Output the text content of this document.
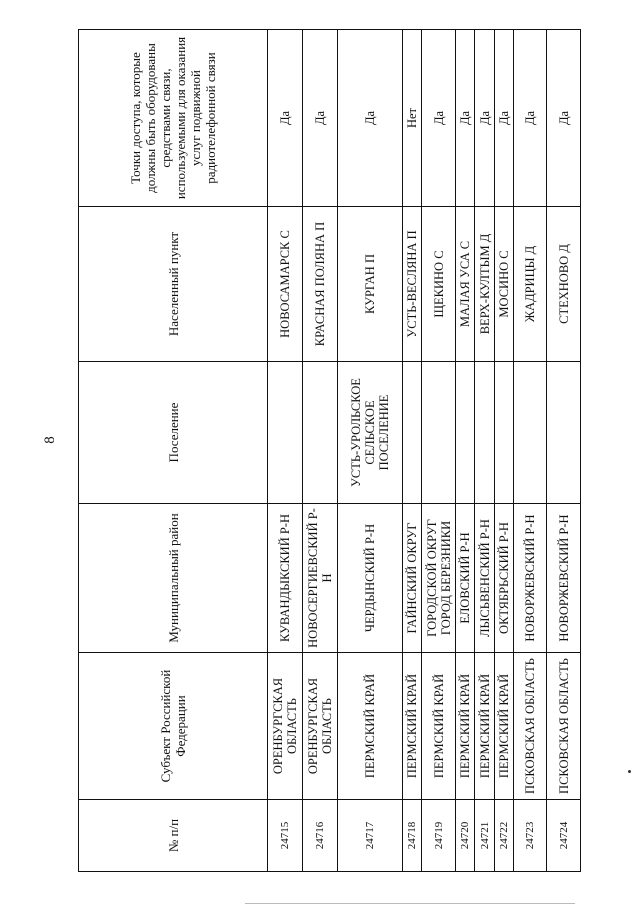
8
№ п/п	Субъект Российской Федерации	Муниципальный район	Поселение	Населенный пункт	Точки доступа, которые должны быть оборудованы средствами связи, используемыми для оказания услуг подвижной радиотелефонной связи
24715	ОРЕНБУРГСКАЯ ОБЛАСТЬ	КУВАНДЫКСКИЙ Р-Н		НОВОСАМАРСК С	Да
24716	ОРЕНБУРГСКАЯ ОБЛАСТЬ	НОВОСЕРГИЕВСКИЙ Р-Н		КРАСНАЯ ПОЛЯНА П	Да
24717	ПЕРМСКИЙ КРАЙ	ЧЕРДЫНСКИЙ Р-Н	УСТЬ-УРОЛЬСКОЕ СЕЛЬСКОЕ ПОСЕЛЕНИЕ	КУРГАН П	Да
24718	ПЕРМСКИЙ КРАЙ	ГАЙНСКИЙ ОКРУГ		УСТЬ-ВЕСЛЯНА П	Нет
24719	ПЕРМСКИЙ КРАЙ	ГОРОДСКОЙ ОКРУГ ГОРОД БЕРЕЗНИКИ		ЩЕКИНО С	Да
24720	ПЕРМСКИЙ КРАЙ	ЕЛОВСКИЙ Р-Н		МАЛАЯ УСА С	Да
24721	ПЕРМСКИЙ КРАЙ	ЛЫСЬВЕНСКИЙ Р-Н		ВЕРХ-КУЛТЫМ Д	Да
24722	ПЕРМСКИЙ КРАЙ	ОКТЯБРЬСКИЙ Р-Н		МОСИНО С	Да
24723	ПСКОВСКАЯ ОБЛАСТЬ	НОВОРЖЕВСКИЙ Р-Н		ЖАДРИЦЫ Д	Да
24724	ПСКОВСКАЯ ОБЛАСТЬ	НОВОРЖЕВСКИЙ Р-Н		СТЕХНОВО Д	Да
